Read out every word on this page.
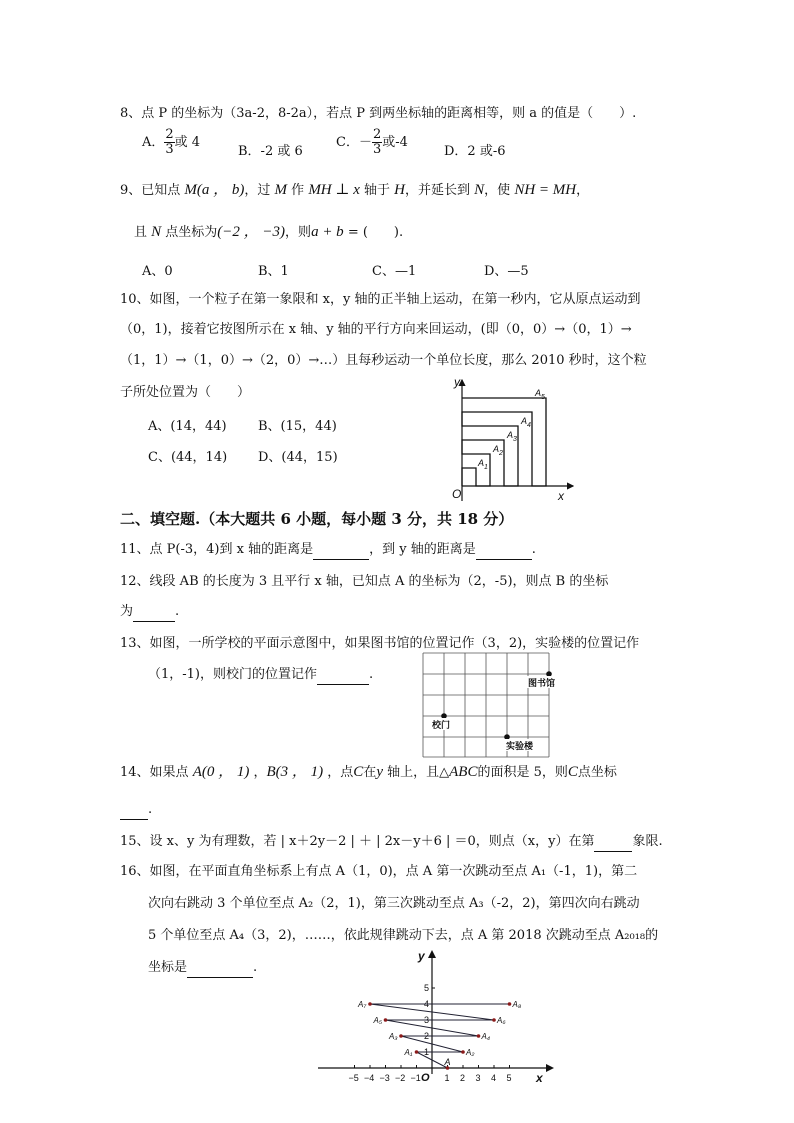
8、点 P 的坐标为（3a-2，8-2a），若点 P 到两坐标轴的距离相等，则 a 的值是（　　）.
A． $\frac{2}{3}$ 或 4
B．-2 或 6
C．－ $\frac{2}{3}$ 或-4
D．2 或-6
9、已知点 M(a ， b)，过 M 作 MH ⊥ x 轴于 H，并延长到 N，使 NH = MH，
且 N 点坐标为(−2 ， −3)，则a + b = (　　).
A、0	B、1	C、—1	D、—5
10、如图，一个粒子在第一象限和 x，y 轴的正半轴上运动，在第一秒内，它从原点运动到
（0，1)，接着它按图所示在 x 轴、y 轴的平行方向来回运动，(即（0，0）→（0，1）→
（1，1）→（1，0）→（2，0）→…）且每秒运动一个单位长度，那么 2010 秒时，这个粒
子所处位置为（　　）
A、(14，44) B、(15，44)
C、(44，14) D、(44，15)
y
x
O
$A_1$
$A_2$
$A_3$
$A_4$
$A_5$
二、填空题.（本大题共 6 小题，每小题 3 分，共 18 分）
11、点 P(-3，4)到 x 轴的距离是	，到 y 轴的距离是	.
12、线段 AB 的长度为 3 且平行 x 轴，已知点 A 的坐标为（2，-5)，则点 B 的坐标
为	.
13、如图，一所学校的平面示意图中，如果图书馆的位置记作（3，2)，实验楼的位置记作
（1，-1)，则校门的位置记作	.
图书馆
校门
实验楼
14、如果点 A(0 ， 1) ，B(3 ， 1) ，点C在y 轴上，且△ABC的面积是 5，则C点坐标
.
15、设 x、y 为有理数，若 | x＋2y－2 | ＋ | 2x－y＋6 | ＝0，则点（x，y）在第	象限.
16、如图，在平面直角坐标系上有点 A（1，0)，点 A 第一次跳动至点 A₁（-1，1)，第二
次向右跳动 3 个单位至点 A₂（2，1)，第三次跳动至点 A₃（-2，2)，第四次向右跳动
5 个单位至点 A₄（3，2)，……，依此规律跳动下去，点 A 第 2018 次跳动至点 A₂₀₁₈的
坐标是	.
−5 −4 −3 −2 −1	1 2 3 4 5
1
2
3
4
5
O	x
y
A
A₁	A₂
A₃	A₄
A₅	A₆
A₇	A₈
